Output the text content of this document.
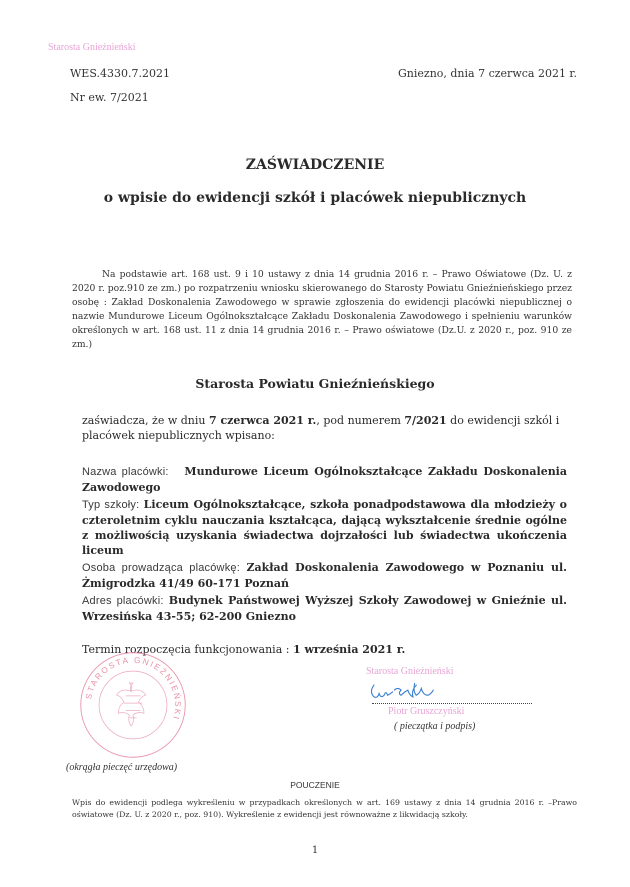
Starosta Gnieźnieński
WES.4330.7.2021
Nr ew. 7/2021
Gniezno, dnia 7 czerwca 2021 r.
ZAŚWIADCZENIE
o wpisie do ewidencji szkół i placówek niepublicznych
Na podstawie art. 168 ust. 9 i 10 ustawy z dnia 14 grudnia 2016 r. – Prawo Oświatowe (Dz. U. z 2020 r. poz.910 ze zm.) po rozpatrzeniu wniosku skierowanego do Starosty Powiatu Gnieźnieńskiego przez osobę : Zakład Doskonalenia Zawodowego w sprawie zgłoszenia do ewidencji placówki niepublicznej o nazwie Mundurowe Liceum Ogólnokształcące Zakładu Doskonalenia Zawodowego i spełnieniu warunków określonych w art. 168 ust. 11 z dnia 14 grudnia 2016 r. – Prawo oświatowe (Dz.U. z 2020 r., poz. 910 ze zm.)
Starosta Powiatu Gnieźnieńskiego
zaświadcza, że w dniu 7 czerwca 2021 r., pod numerem 7/2021 do ewidencji szkól i placówek niepublicznych wpisano:
Nazwa placówki: Mundurowe Liceum Ogólnokształcące Zakładu Doskonalenia Zawodowego
Typ szkoły: Liceum Ogólnokształcące, szkoła ponadpodstawowa dla młodzieży o czteroletnim cyklu nauczania kształcąca, dającą wykształcenie średnie ogólne z możliwością uzyskania świadectwa dojrzałości lub świadectwa ukończenia liceum
Osoba prowadząca placówkę: Zakład Doskonalenia Zawodowego w Poznaniu ul. Żmigrodzka 41/49 60-171 Poznań
Adres placówki: Budynek Państwowej Wyższej Szkoły Zawodowej w Gnieźnie ul. Wrzesińska 43-55; 62-200 Gniezno
Termin rozpoczęcia funkcjonowania : 1 września 2021 r.
STAROSTA GNIEŹNIEŃSKI
(okrągła pieczęć urzędowa)
Starosta Gnieźnieński
Piotr Gruszczyński
( pieczątka i podpis)
POUCZENIE
Wpis do ewidencji podlega wykreśleniu w przypadkach określonych w art. 169 ustawy z dnia 14 grudnia 2016 r. –Prawo oświatowe (Dz. U. z 2020 r., poz. 910). Wykreślenie z ewidencji jest równoważne z likwidacją szkoły.
1
